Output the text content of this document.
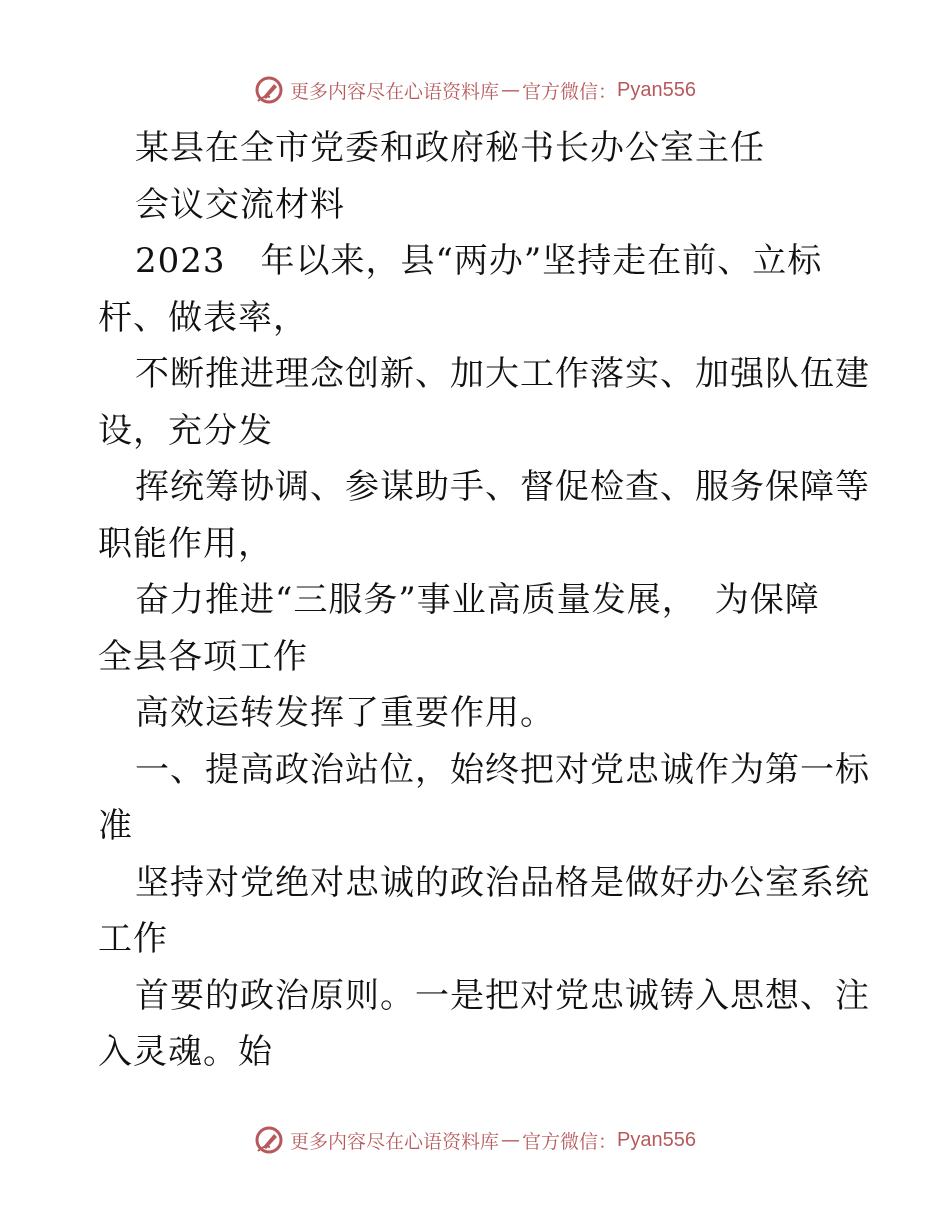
更多内容尽在心语资料库 — 官方微信： Pyan556
某县在全市党委和政府秘书长办公室主任
会议交流材料
2023　年以来，县“两办”坚持走在前、立标
杆、做表率，
不断推进理念创新、加大工作落实、加强队伍建
设，充分发
挥统筹协调、参谋助手、督促检查、服务保障等
职能作用，
奋力推进“三服务”事业高质量发展，　为保障
全县各项工作
高效运转发挥了重要作用。
一、提高政治站位，始终把对党忠诚作为第一标
准
坚持对党绝对忠诚的政治品格是做好办公室系统
工作
首要的政治原则。一是把对党忠诚铸入思想、注
入灵魂。始
更多内容尽在心语资料库 — 官方微信： Pyan556
